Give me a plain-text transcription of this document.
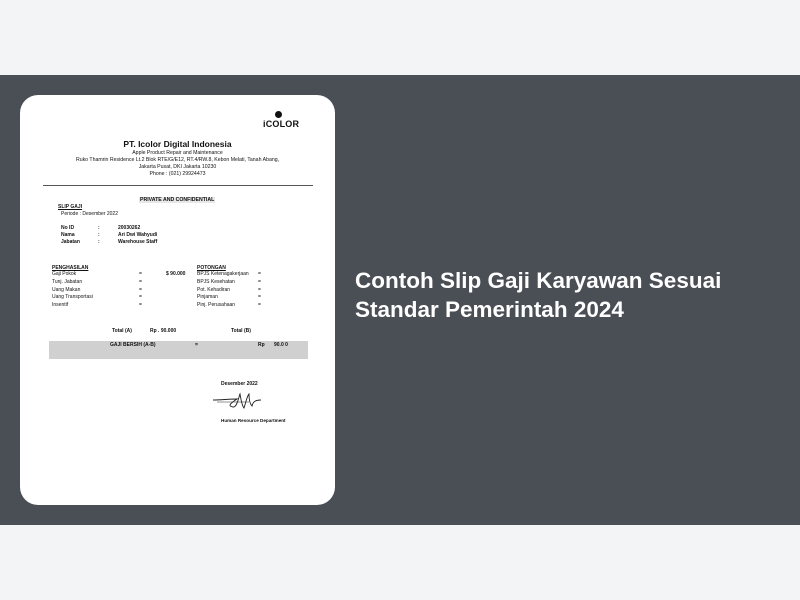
iCOLOR
PT. Icolor Digital Indonesia
Apple Product Repair and Maintenance
Ruko Thamrin Residence Lt.2 Blok RTE/G/E12, RT.4/RW.8, Kebon Melati, Tanah Abang,
Jakarta Pusat, DKI Jakarta 10230
Phone : (021) 29924473
PRIVATE AND CONFIDENTIAL
SLIP GAJI
Periode : Desember 2022
No ID	:	20030262
Nama	:	Ari Dwi Wahyudi
Jabatan	:	Warehouse Staff
PENGHASILAN
Gaji Pokok	=	$ 90.000
Tunj. Jabatan	=
Uang Makan	=
Uang Transportasi	=
Insentif	=
POTONGAN
BPJS Ketenagakerjaan =
BPJS Kesehatan	=
Pot. Kehadiran	=
Pinjaman	=
Pinj. Perusahaan	=
Total (A)	Rp . 90.000	Total (B)
GAJI BERSIH (A-B)	=	Rp 90.0 0
Desember 2022
Human Resource Department
Contoh Slip Gaji Karyawan Sesuai Standar Pemerintah 2024
